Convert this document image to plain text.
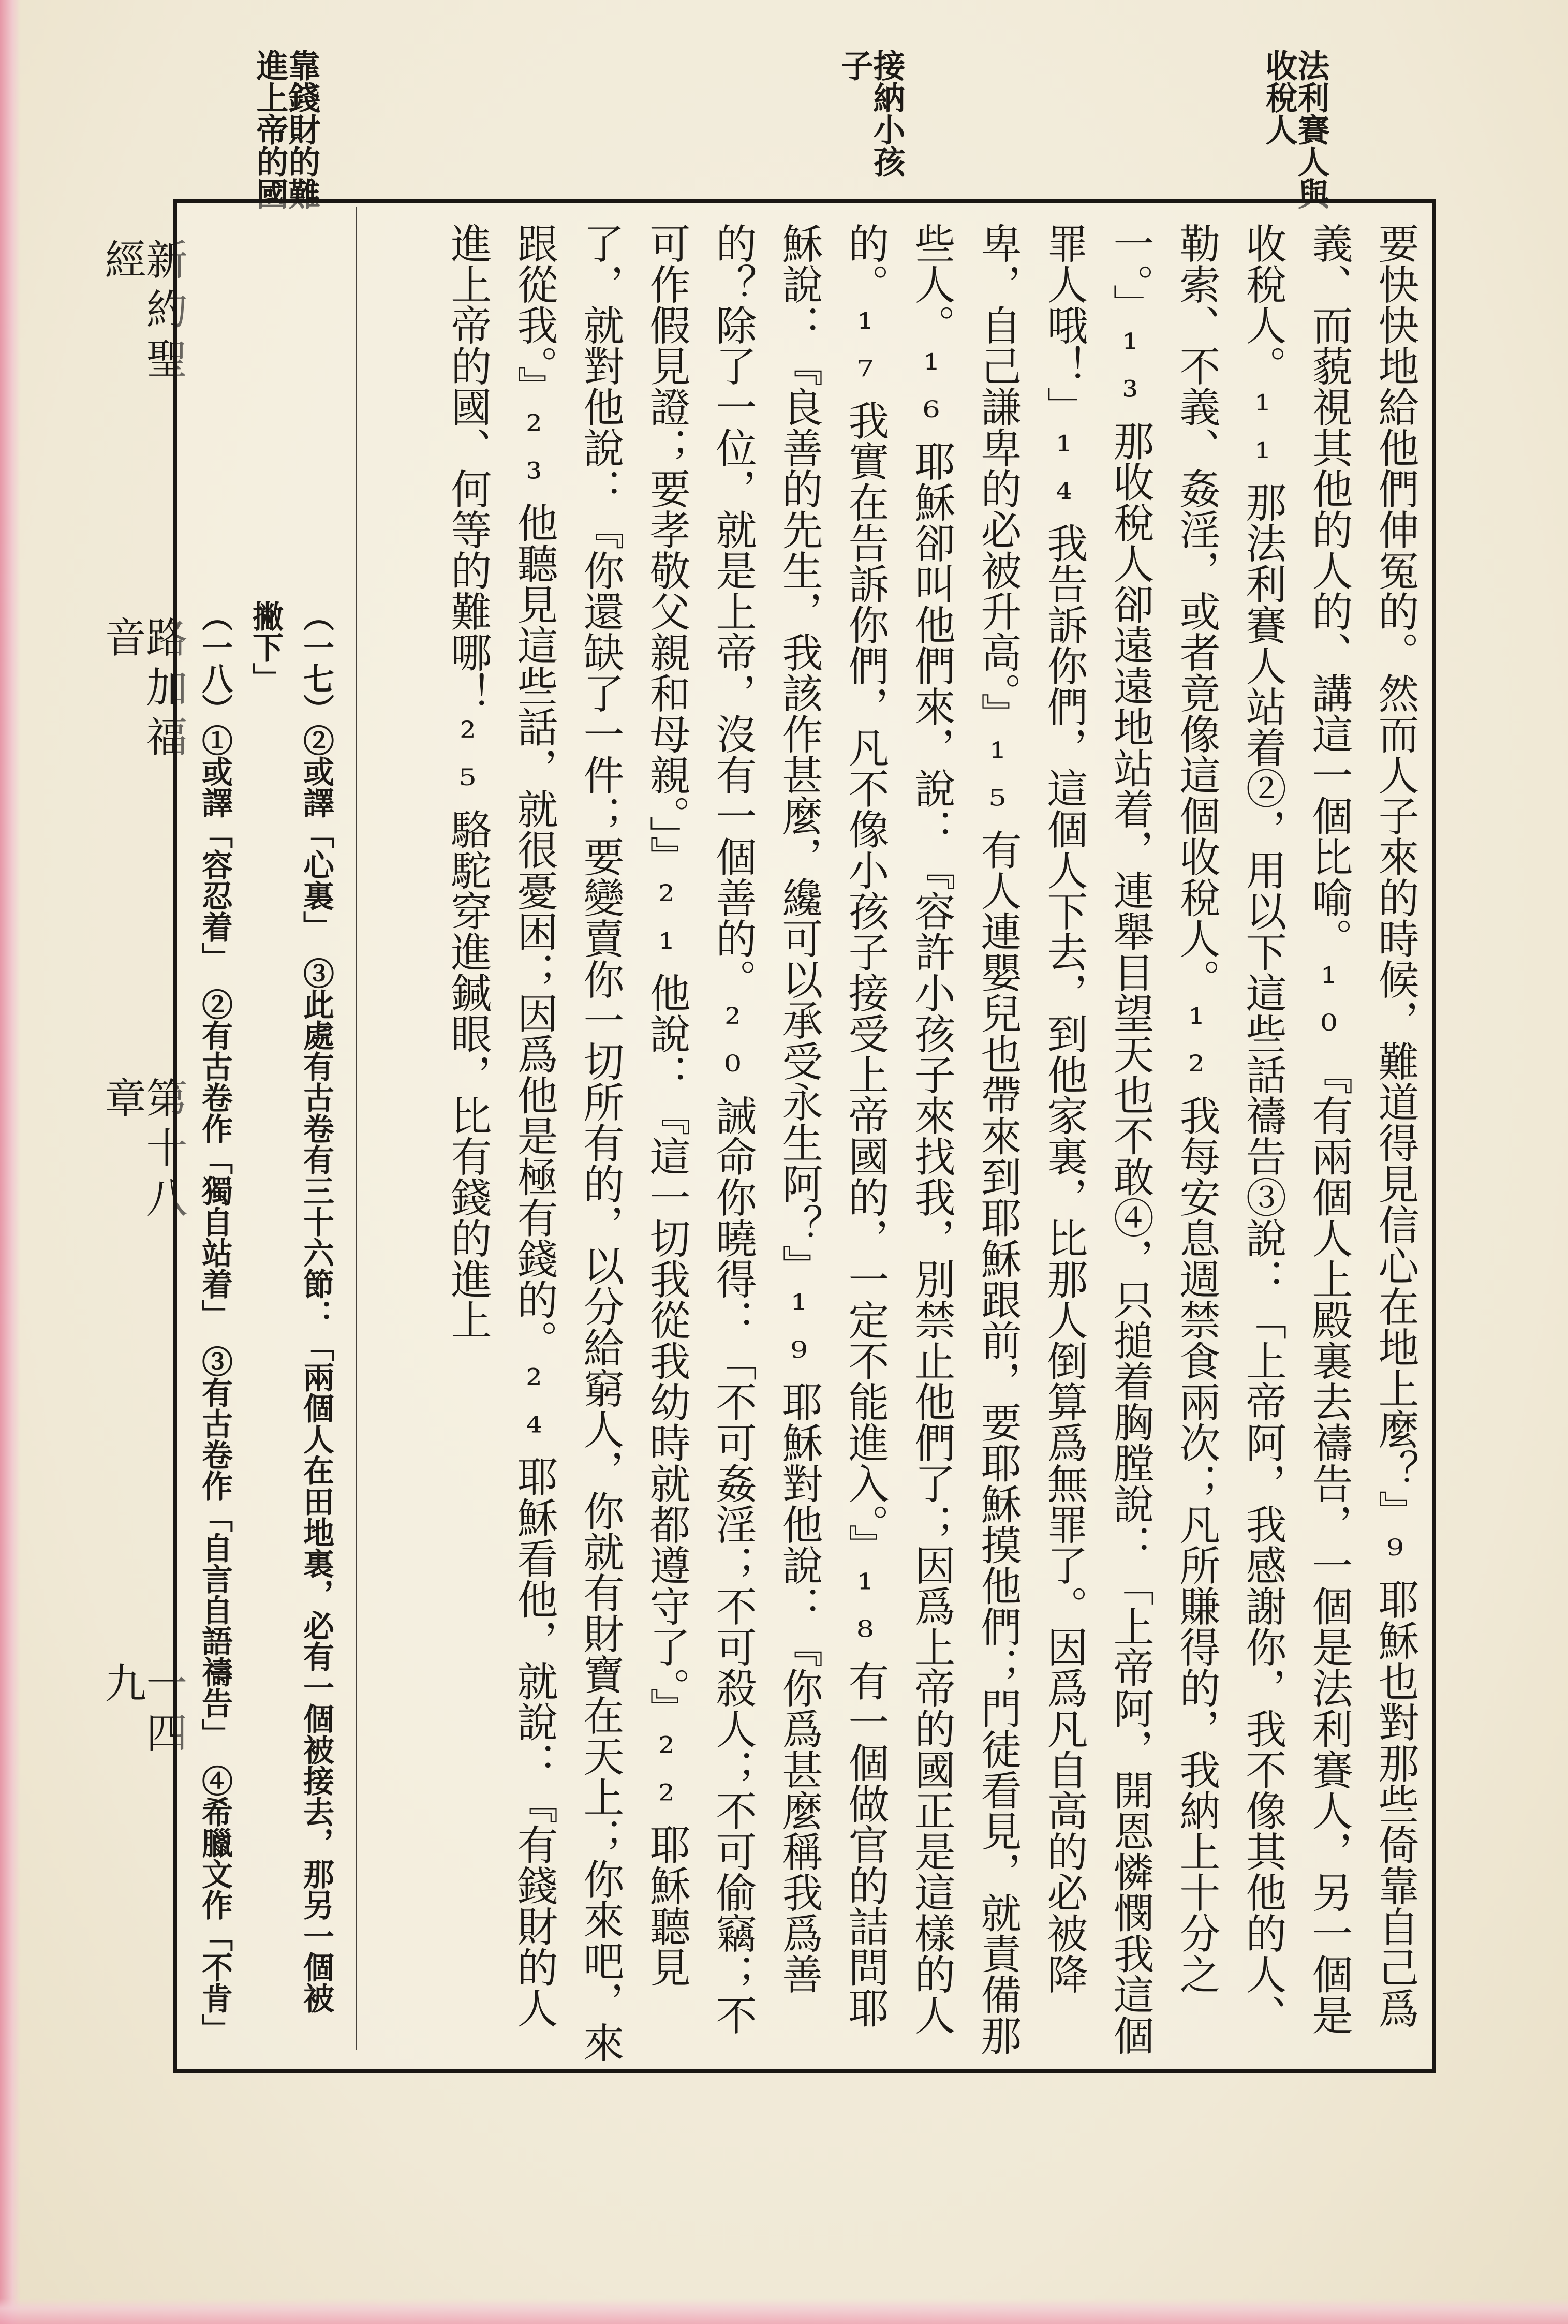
法利賽人與收稅人
接納小孩子
靠錢財的難進上帝的國
新約聖經
路加福音
第十八章
一四九	要快快地給他們伸冤的。然而人子來的時候，難道得見信心在地上麼？』⁹耶穌也對那些倚靠自己爲義、而藐視其他的人的、講這一個比喻。¹⁰『有兩個人上殿裏去禱告，一個是法利賽人，另一個是收稅人。¹¹那法利賽人站着②，用以下這些話禱告③說：「上帝阿，我感謝你，我不像其他的人、勒索、不義、姦淫，或者竟像這個收稅人。¹²我每安息週禁食兩次；凡所賺得的，我納上十分之一。」¹³那收稅人卻遠遠地站着，連舉目望天也不敢④，只搥着胸膛說：「上帝阿，開恩憐憫我這個罪人哦！」¹⁴我告訴你們，這個人下去，到他家裏，比那人倒算爲無罪了。因爲凡自高的必被降卑，自己謙卑的必被升高。』¹⁵有人連嬰兒也帶來到耶穌跟前，要耶穌摸他們；門徒看見，就責備那些人。¹⁶耶穌卻叫他們來，說：『容許小孩子來找我，別禁止他們了；因爲上帝的國正是這樣的人的。¹⁷我實在告訴你們，凡不像小孩子接受上帝國的，一定不能進入。』¹⁸有一個做官的詰問耶穌說：『良善的先生，我該作甚麼，纔可以承受永生阿？』¹⁹耶穌對他說：『你爲甚麼稱我爲善的？除了一位，就是上帝，沒有一個善的。²⁰誡命你曉得：「不可姦淫；不可殺人；不可偷竊；不可作假見證；要孝敬父親和母親。」』²¹他說：『這一切我從我幼時就都遵守了。』²²耶穌聽見了，就對他說：『你還缺了一件；要變賣你一切所有的，以分給窮人，你就有財寶在天上；你來吧，來跟從我。』²³他聽見這些話，就很憂困；因爲他是極有錢的。²⁴耶穌看他，就說：『有錢財的人進上帝的國、何等的難哪！²⁵駱駝穿進鍼眼，比有錢的進上
（一七）②或譯「心裏」　③此處有古卷有三十六節：「兩個人在田地裏，必有一個被接去，那另一個被撇下」
（一八）①或譯「容忍着」　②有古卷作「獨自站着」　③有古卷作「自言自語禱告」　④希臘文作「不肯」
